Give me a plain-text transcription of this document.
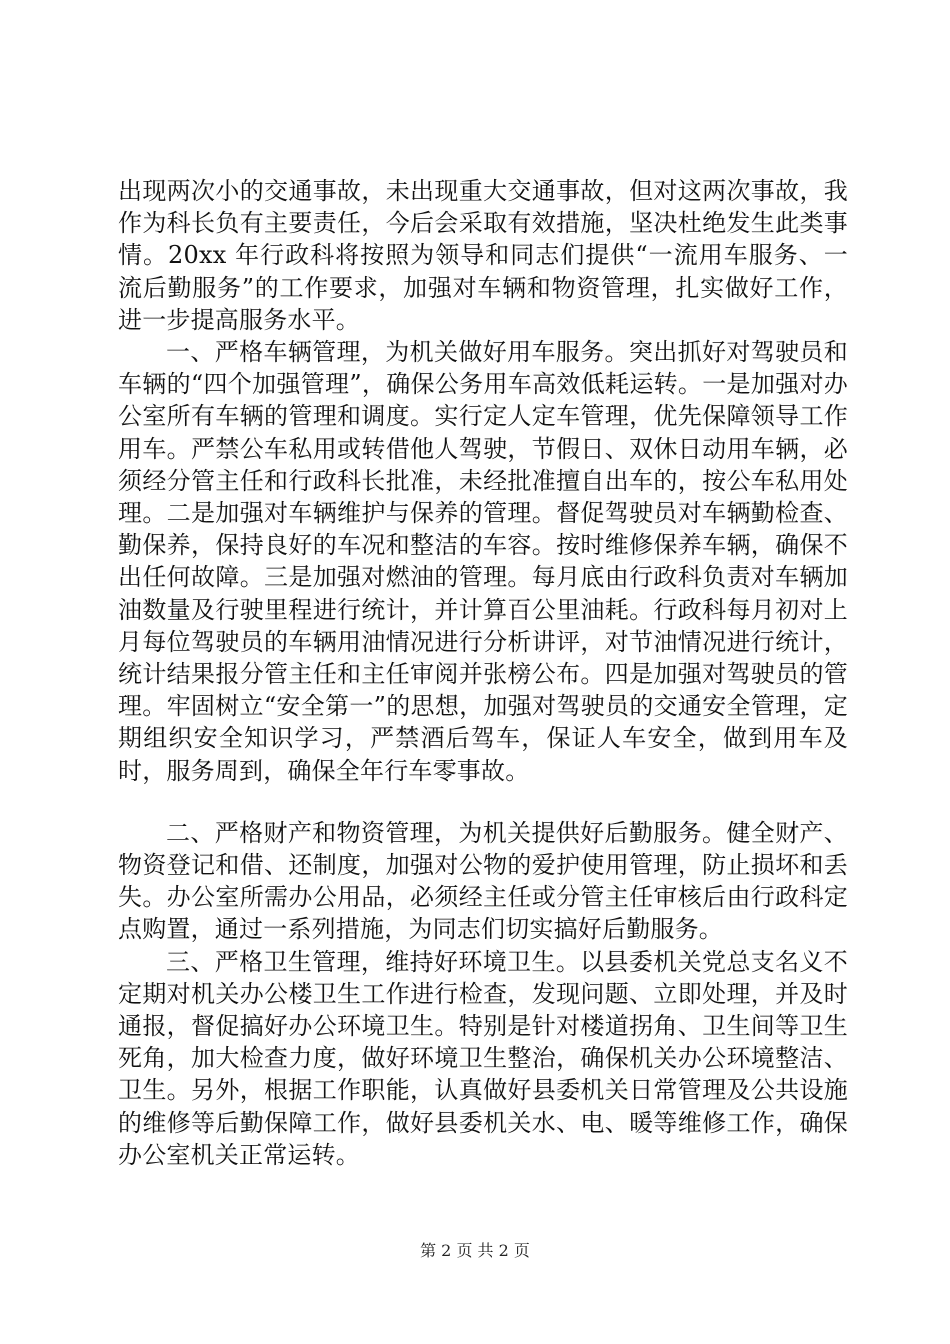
出现两次小的交通事故，未出现重大交通事故，但对这两次事故，我作为科长负有主要责任，今后会采取有效措施，坚决杜绝发生此类事情。20xx 年行政科将按照为领导和同志们提供“一流用车服务、一流后勤服务”的工作要求，加强对车辆和物资管理，扎实做好工作，进一步提高服务水平。

一、严格车辆管理，为机关做好用车服务。突出抓好对驾驶员和车辆的“四个加强管理”，确保公务用车高效低耗运转。一是加强对办公室所有车辆的管理和调度。实行定人定车管理，优先保障领导工作用车。严禁公车私用或转借他人驾驶，节假日、双休日动用车辆，必须经分管主任和行政科长批准，未经批准擅自出车的，按公车私用处理。二是加强对车辆维护与保养的管理。督促驾驶员对车辆勤检查、勤保养，保持良好的车况和整洁的车容。按时维修保养车辆，确保不出任何故障。三是加强对燃油的管理。每月底由行政科负责对车辆加油数量及行驶里程进行统计，并计算百公里油耗。行政科每月初对上月每位驾驶员的车辆用油情况进行分析讲评，对节油情况进行统计，统计结果报分管主任和主任审阅并张榜公布。四是加强对驾驶员的管理。牢固树立“安全第一”的思想，加强对驾驶员的交通安全管理，定期组织安全知识学习，严禁酒后驾车，保证人车安全，做到用车及时，服务周到，确保全年行车零事故。

二、严格财产和物资管理，为机关提供好后勤服务。健全财产、物资登记和借、还制度，加强对公物的爱护使用管理，防止损坏和丢失。办公室所需办公用品，必须经主任或分管主任审核后由行政科定点购置，通过一系列措施，为同志们切实搞好后勤服务。

三、严格卫生管理，维持好环境卫生。以县委机关党总支名义不定期对机关办公楼卫生工作进行检查，发现问题、立即处理，并及时通报，督促搞好办公环境卫生。特别是针对楼道拐角、卫生间等卫生死角，加大检查力度，做好环境卫生整治，确保机关办公环境整洁、卫生。另外，根据工作职能，认真做好县委机关日常管理及公共设施的维修等后勤保障工作，做好县委机关水、电、暖等维修工作，确保办公室机关正常运转。

第 2 页 共 2 页
